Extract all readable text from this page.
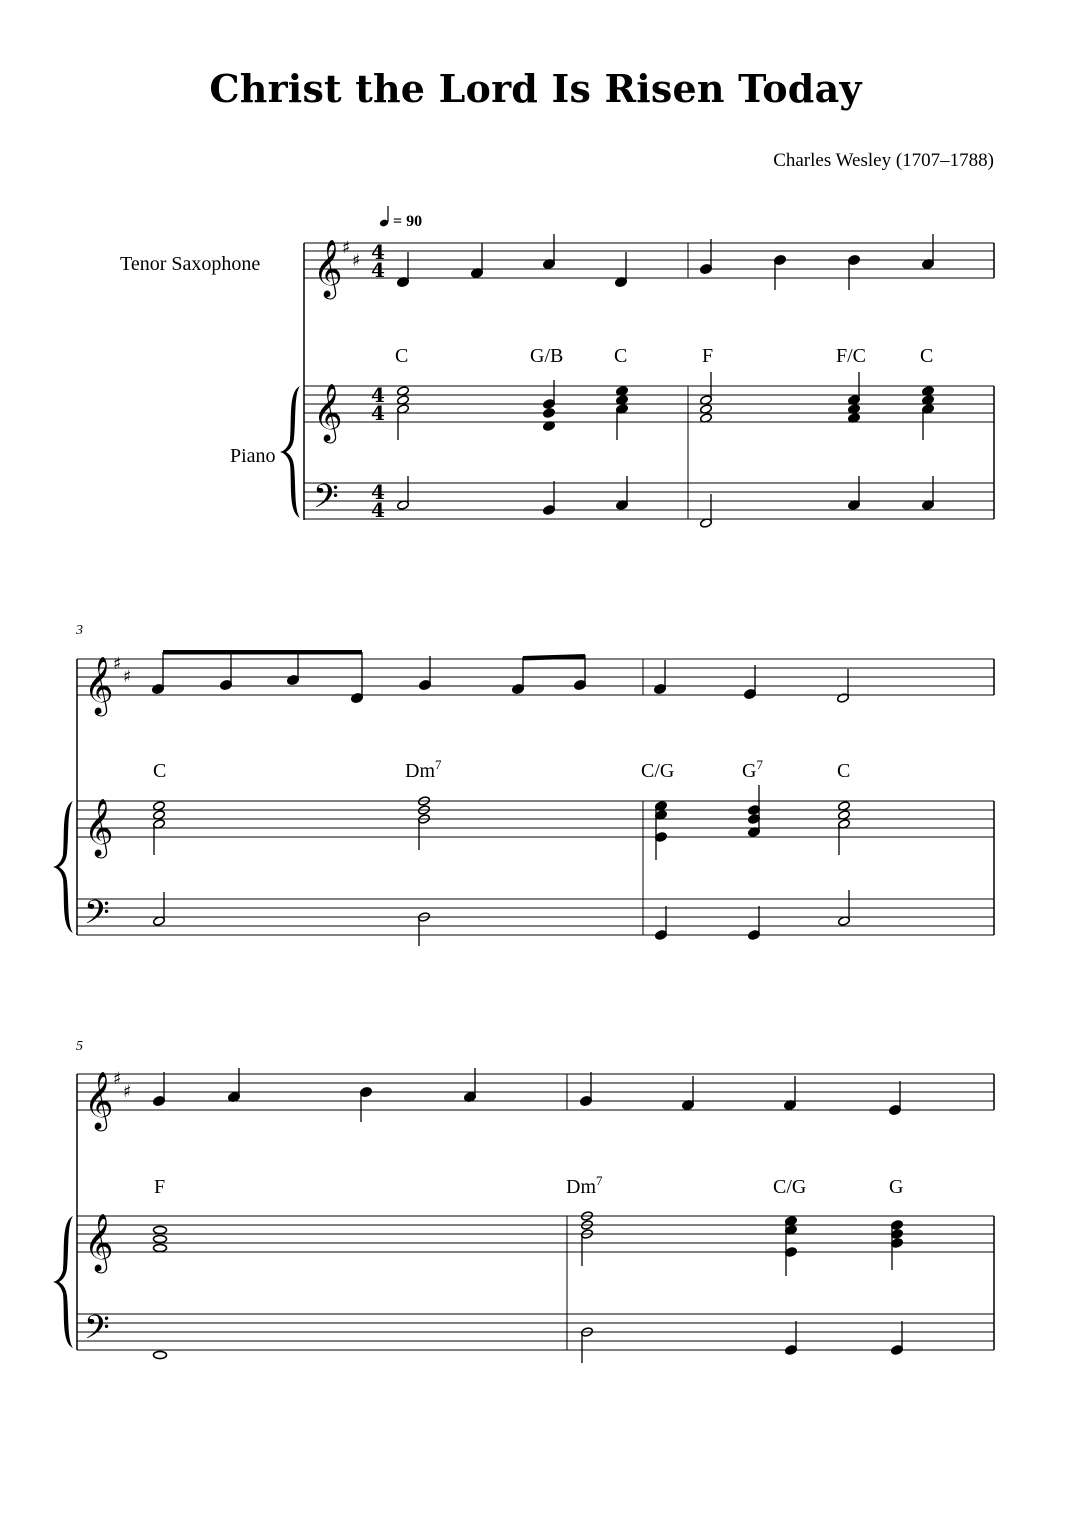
Christ the Lord Is Risen Today
Charles Wesley (1707–1788)
= 90
Tenor Saxophone
Piano
𝄞
𝄞
𝄢
♯
♯ 4
4
4
4
4
4
C	G/B	C	F	F/C	C
3
𝄞 ♯
♯
𝄞
𝄢
C	Dm$^7$	C/G	$G^7$	C
5
𝄞 ♯
♯
𝄞
𝄢
F	Dm$^7$	C/G	G
